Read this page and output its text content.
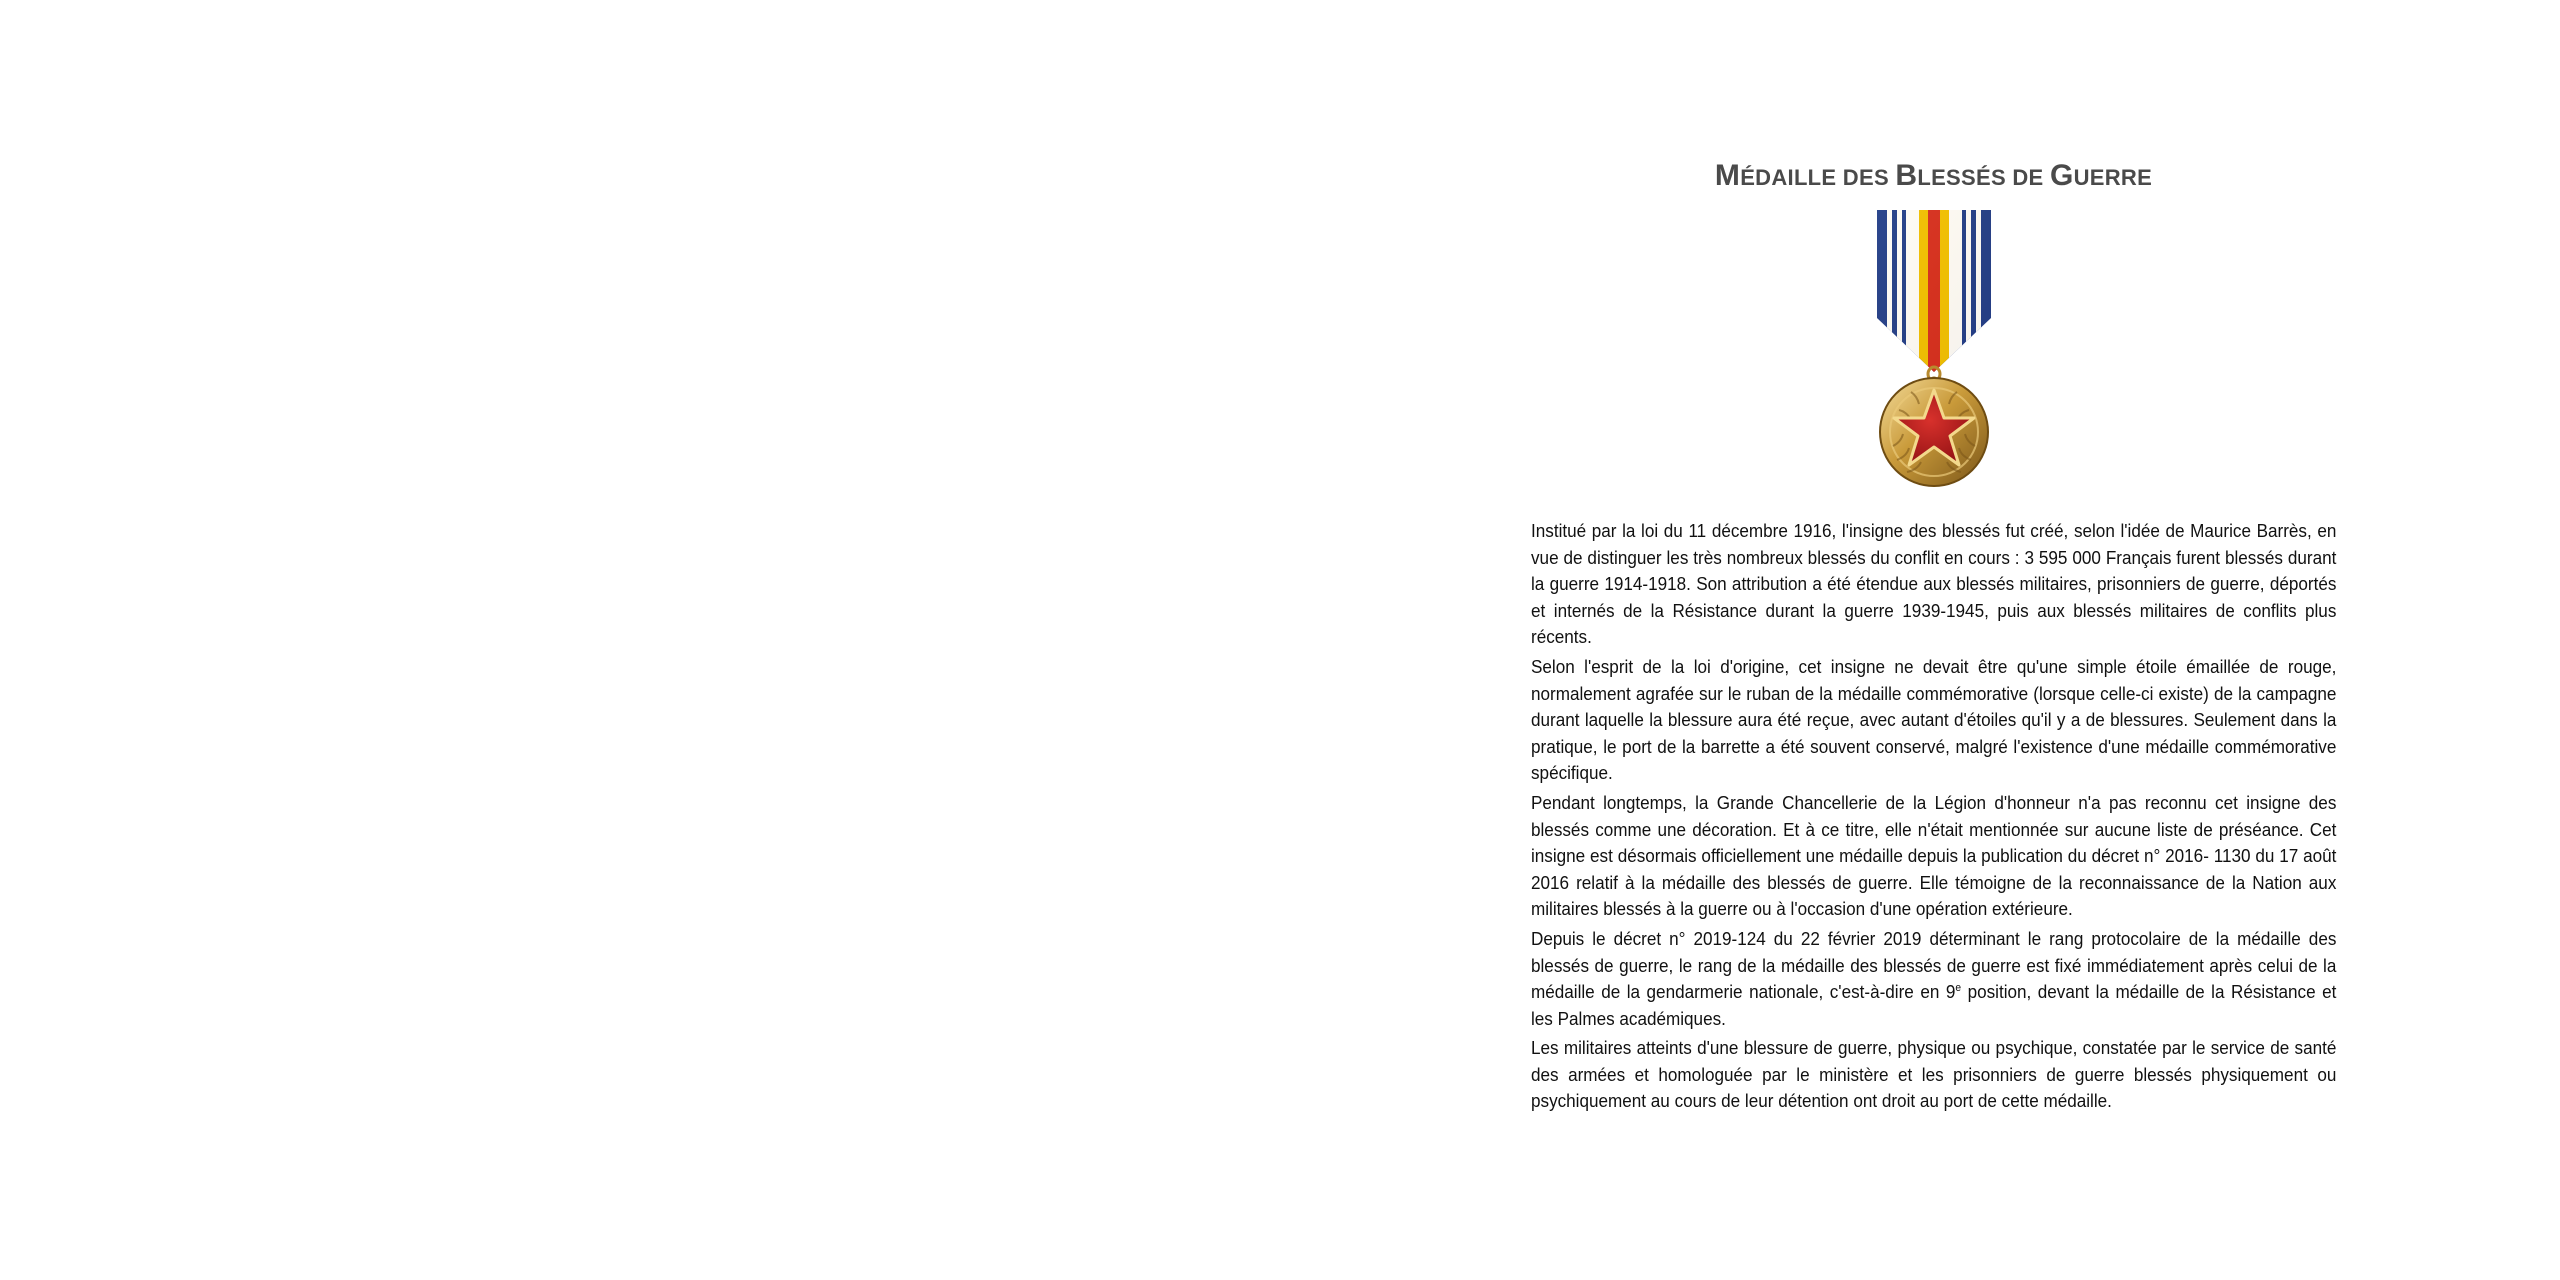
MÉDAILLE DES BLESSÉS DE GUERRE

Institué par la loi du 11 décembre 1916, l'insigne des blessés fut créé, selon l'idée de Maurice Barrès, en vue de distinguer les très nombreux blessés du conflit en cours : 3 595 000 Français furent blessés durant la guerre 1914-1918. Son attribution a été étendue aux blessés militaires, prisonniers de guerre, déportés et internés de la Résistance durant la guerre 1939-1945, puis aux blessés militaires de conflits plus récents.

Selon l'esprit de la loi d'origine, cet insigne ne devait être qu'une simple étoile émaillée de rouge, normalement agrafée sur le ruban de la médaille commémorative (lorsque celle-ci existe) de la campagne durant laquelle la blessure aura été reçue, avec autant d'étoiles qu'il y a de blessures. Seulement dans la pratique, le port de la barrette a été souvent conservé, malgré l'existence d'une médaille commémorative spécifique.

Pendant longtemps, la Grande Chancellerie de la Légion d'honneur n'a pas reconnu cet insigne des blessés comme une décoration. Et à ce titre, elle n'était mentionnée sur aucune liste de préséance. Cet insigne est désormais officiellement une médaille depuis la publication du décret n° 2016- 1130 du 17 août 2016 relatif à la médaille des blessés de guerre. Elle témoigne de la reconnaissance de la Nation aux militaires blessés à la guerre ou à l'occasion d'une opération extérieure.

Depuis le décret n° 2019-124 du 22 février 2019 déterminant le rang protocolaire de la médaille des blessés de guerre, le rang de la médaille des blessés de guerre est fixé immédiatement après celui de la médaille de la gendarmerie nationale, c'est-à-dire en 9e position, devant la médaille de la Résistance et les Palmes académiques.

Les militaires atteints d'une blessure de guerre, physique ou psychique, constatée par le service de santé des armées et homologuée par le ministère et les prisonniers de guerre blessés physiquement ou psychiquement au cours de leur détention ont droit au port de cette médaille.
